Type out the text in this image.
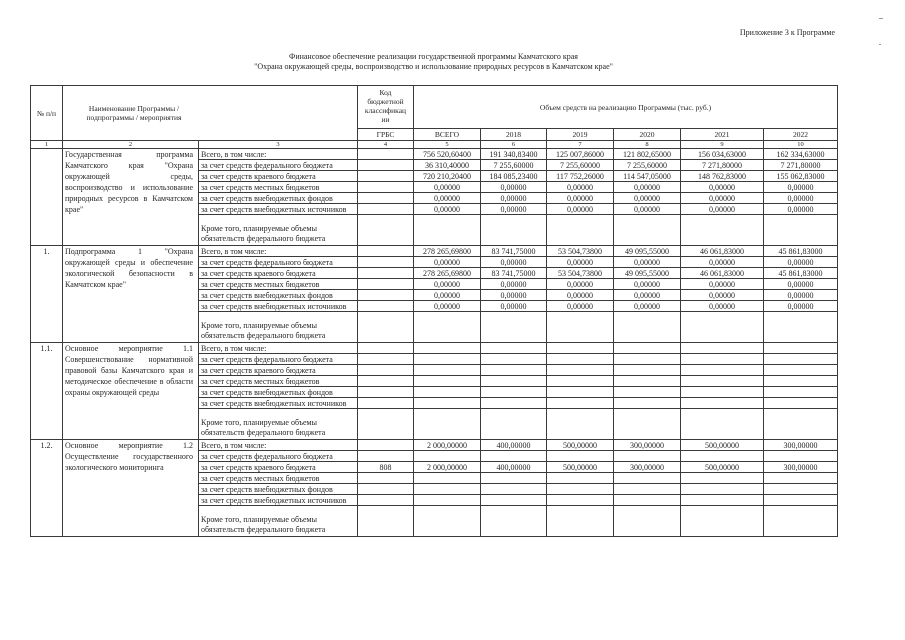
Приложение 3 к Программе
Финансовое обеспечение реализации государственной программы Камчатского края
"Охрана окружающей среды, воспроизводство и использование природных ресурсов в Камчатском крае"
№ п/п	Наименование Программы / подпрограммы / мероприятия		Код бюджетной классификации	Объем средств на реализацию Программы (тыс. руб.)					
			ГРБС	ВСЕГО	2018	2019	2020	2021	2022
1	2	3	4	5	6	7	8	9	10
	Государственная программа Камчатского края "Охрана окружающей среды, воспроизводство и использование природных ресурсов в Камчатском крае"	Всего, в том числе:		756 520,60400	191 340,83400	125 007,86000	121 802,65000	156 034,63000	162 334,63000
		за счет средств федерального бюджета		36 310,40000	7 255,60000	7 255,60000	7 255,60000	7 271,80000	7 271,80000
		за счет средств краевого бюджета		720 210,20400	184 085,23400	117 752,26000	114 547,05000	148 762,83000	155 062,83000
		за счет средств местных бюджетов		0,00000	0,00000	0,00000	0,00000	0,00000	0,00000
		за счет средств внебюджетных фондов		0,00000	0,00000	0,00000	0,00000	0,00000	0,00000
		за счет средств внебюджетных источников		0,00000	0,00000	0,00000	0,00000	0,00000	0,00000
		Кроме того, планируемые объемы обязательств федерального бюджета							
1.	Подпрограмма 1 "Охрана окружающей среды и обеспечение экологической безопасности в Камчатском крае"	Всего, в том числе:		278 265,69800	83 741,75000	53 504,73800	49 095,55000	46 061,83000	45 861,83000
		за счет средств федерального бюджета		0,00000	0,00000	0,00000	0,00000	0,00000	0,00000
		за счет средств краевого бюджета		278 265,69800	83 741,75000	53 504,73800	49 095,55000	46 061,83000	45 861,83000
		за счет средств местных бюджетов		0,00000	0,00000	0,00000	0,00000	0,00000	0,00000
		за счет средств внебюджетных фондов		0,00000	0,00000	0,00000	0,00000	0,00000	0,00000
		за счет средств внебюджетных источников		0,00000	0,00000	0,00000	0,00000	0,00000	0,00000
		Кроме того, планируемые объемы обязательств федерального бюджета							
1.1.	Основное мероприятие 1.1 Совершенствование нормативной правовой базы Камчатского края и методическое обеспечение в области охраны окружающей среды	Всего, в том числе:							
		за счет средств федерального бюджета							
		за счет средств краевого бюджета							
		за счет средств местных бюджетов							
		за счет средств внебюджетных фондов							
		за счет средств внебюджетных источников							
		Кроме того, планируемые объемы обязательств федерального бюджета							
1.2.	Основное мероприятие 1.2 Осуществление государственного экологического мониторинга	Всего, в том числе:		2 000,00000	400,00000	500,00000	300,00000	500,00000	300,00000
		за счет средств федерального бюджета							
		за счет средств краевого бюджета	808	2 000,00000	400,00000	500,00000	300,00000	500,00000	300,00000
		за счет средств местных бюджетов							
		за счет средств внебюджетных фондов							
		за счет средств внебюджетных источников							
		Кроме того, планируемые объемы обязательств федерального бюджета							
